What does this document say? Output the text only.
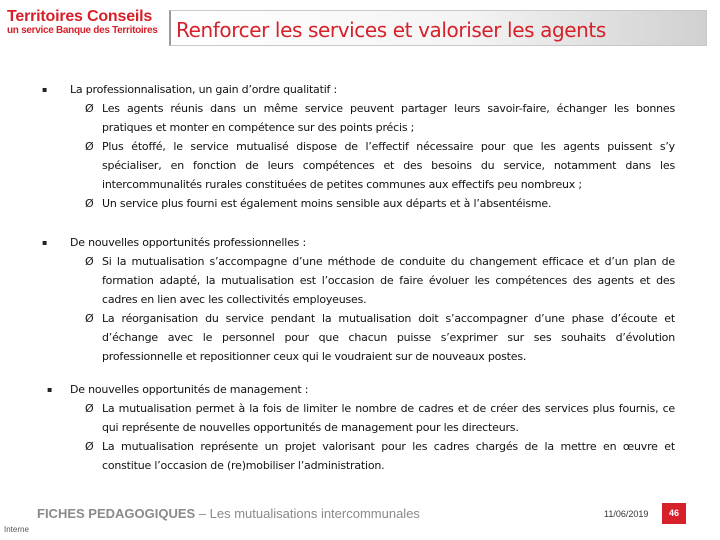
Territoires Conseils
un service Banque des Territoires Renforcer les services et valoriser les agents
▪ La professionnalisation, un gain d’ordre qualitatif :
Ø Les agents réunis dans un même service peuvent partager leurs savoir-faire, échanger les bonnes pratiques et monter en compétence sur des points précis ;
Ø Plus étoffé, le service mutualisé dispose de l’effectif nécessaire pour que les agents puissent s’y spécialiser, en fonction de leurs compétences et des besoins du service, notamment dans les intercommunalités rurales constituées de petites communes aux effectifs peu nombreux ;
Ø Un service plus fourni est également moins sensible aux départs et à l’absentéisme.
▪ De nouvelles opportunités professionnelles :
Ø Si la mutualisation s’accompagne d’une méthode de conduite du changement efficace et d’un plan de formation adapté, la mutualisation est l’occasion de faire évoluer les compétences des agents et des cadres en lien avec les collectivités employeuses.
Ø La réorganisation du service pendant la mutualisation doit s’accompagner d’une phase d’écoute et d’échange avec le personnel pour que chacun puisse s’exprimer sur ses souhaits d’évolution professionnelle et repositionner ceux qui le voudraient sur de nouveaux postes.
▪ De nouvelles opportunités de management :
Ø La mutualisation permet à la fois de limiter le nombre de cadres et de créer des services plus fournis, ce qui représente de nouvelles opportunités de management pour les directeurs.
Ø La mutualisation représente un projet valorisant pour les cadres chargés de la mettre en œuvre et constitue l’occasion de (re)mobiliser l’administration.
FICHES PEDAGOGIQUES – Les mutualisations intercommunales	11/06/2019	46
Interne
